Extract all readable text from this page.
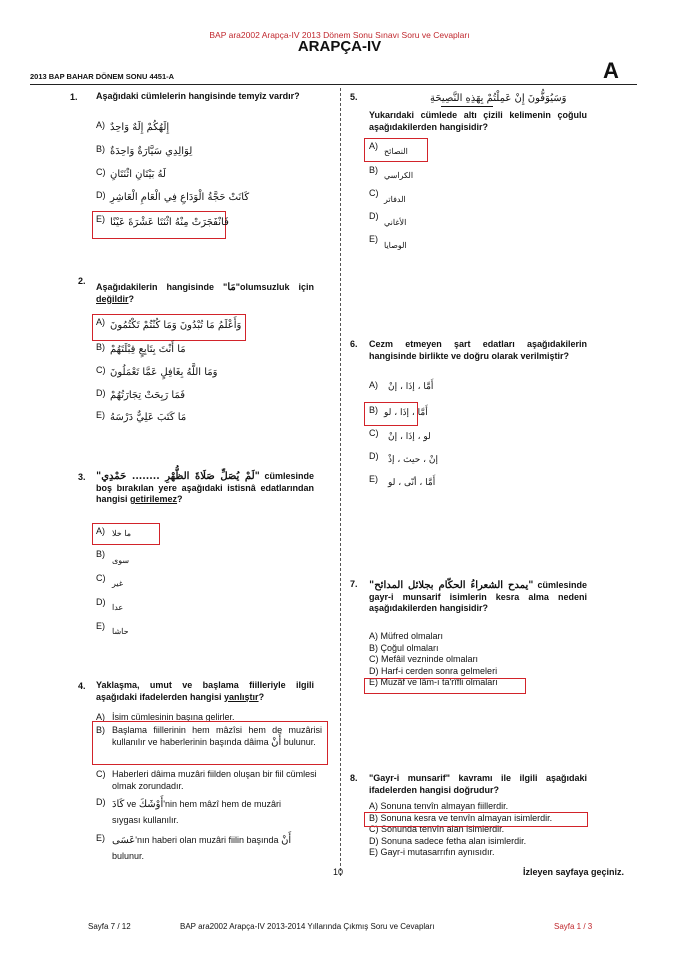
BAP ara2002 Arapça-IV 2013 Dönem Sonu Sınavı Soru ve Cevapları
ARAPÇA-IV
2013 BAP BAHAR DÖNEM SONU 4451-A	A
1. Aşağıdaki cümlelerin hangisinde temyîz vardır?
A) إِلَهُكُمْ إِلَهٌ وَاحِدٌ
B) لِوَالِدِي سَيَّارَةٌ وَاحِدَةٌ
C) لَهُ بَيْتَانِ اثْنَتَانِ
D) كَانَتْ حَجَّةُ الْوَدَاعِ فِي الْعَامِ الْعَاشِرِ
E) فَانْفَجَرَتْ مِنْهُ اثْنَتَا عَشْرَةَ عَيْنًا
2.
Aşağıdakilerin hangisinde "مَا"olumsuzluk için değildir?
A) وَأَعْلَمُ مَا تُبْدُونَ وَمَا كُنْتُمْ تَكْتُمُونَ
B) مَا أَنْتَ بِتَابِعٍ قِبْلَتَهُمْ
C) وَمَا اللَّهُ بِغَافِلٍ عَمَّا تَعْمَلُونَ
D) فَمَا رَبِحَتْ تِجَارَتُهُمْ
E) مَا كَتَبَ عَلِيٌّ دَرْسَهُ
3. "لَمْ يُصَلِّ صَلَاةَ الظُّهْرِ ........ حَمْدِي" cümlesinde boş bırakılan yere aşağıdaki istisnâ edatlarından hangisi getirilemez?
A) ما خلا
B)
سوى
C)
غير
D)
عدا
E)
حاشا
4. Yaklaşma, umut ve başlama fiilleriyle ilgili aşağıdaki ifadelerden hangisi yanlıştır?
A) İsim cümlesinin başına gelirler.
B) Başlama fiillerinin hem mâzîsi hem de muzârisi kullanılır ve haberlerinin başında dâima أَنْ bulunur.
C) Haberleri dâima muzâri fiilden oluşan bir fiil cümlesi olmak zorundadır.
D) كَادَ ve أَوْشَكَ'nin hem mâzî hem de muzâri
sıygası kullanılır.
E) عَسَى'nın haberi olan muzâri fiilin başında أَنْ
bulunur.
5.	وَسَيُوَفُّونَ إِنْ عَمِلْتُمْ بِهَذِهِ النَّصِيحَةِ
Yukarıdaki cümlede altı çizili kelimenin çoğulu aşağıdakilerden hangisidir?
A)
النصائح
B)
الكراسي
C)
الدفاتر
D)
الأغاني
E)
الوصايا
6. Cezm etmeyen şart edatları aşağıdakilerin hangisinde birlikte ve doğru olarak verilmiştir?
A) أَمَّا ، إذَا ، إنْ
B) أَمَّا ، إذَا ، لو
C) لو ، إذَا ، إنْ
D) إنْ ، حيث ، إذْ
E) أَمَّا ، أنّى ، لو
7. "يمدح الشعراءُ الحكّام بجلائل المدائح" cümlesinde gayr-i munsarif isimlerin kesra alma nedeni aşağıdakilerden hangisidir?
A) Müfred olmaları
B) Çoğul olmaları
C) Mefâil vezninde olmaları
D) Harf-i cerden sonra gelmeleri
E) Muzâf ve lâm-ı ta'rîfli olmaları
8. "Gayr-i munsarif" kavramı ile ilgili aşağıdaki ifadelerden hangisi doğrudur?
A) Sonuna tenvîn almayan fiillerdir.
B) Sonuna kesra ve tenvîn almayan isimlerdir.
C) Sonunda tenvîn alan isimlerdir.
D) Sonuna sadece fetha alan isimlerdir.
E) Gayr-i mutasarrıfın aynısıdır.
10	İzleyen sayfaya geçiniz.
Sayfa 7 / 12	BAP ara2002 Arapça-IV 2013-2014 Yıllarında Çıkmış Soru ve Cevapları	Sayfa 1 / 3
